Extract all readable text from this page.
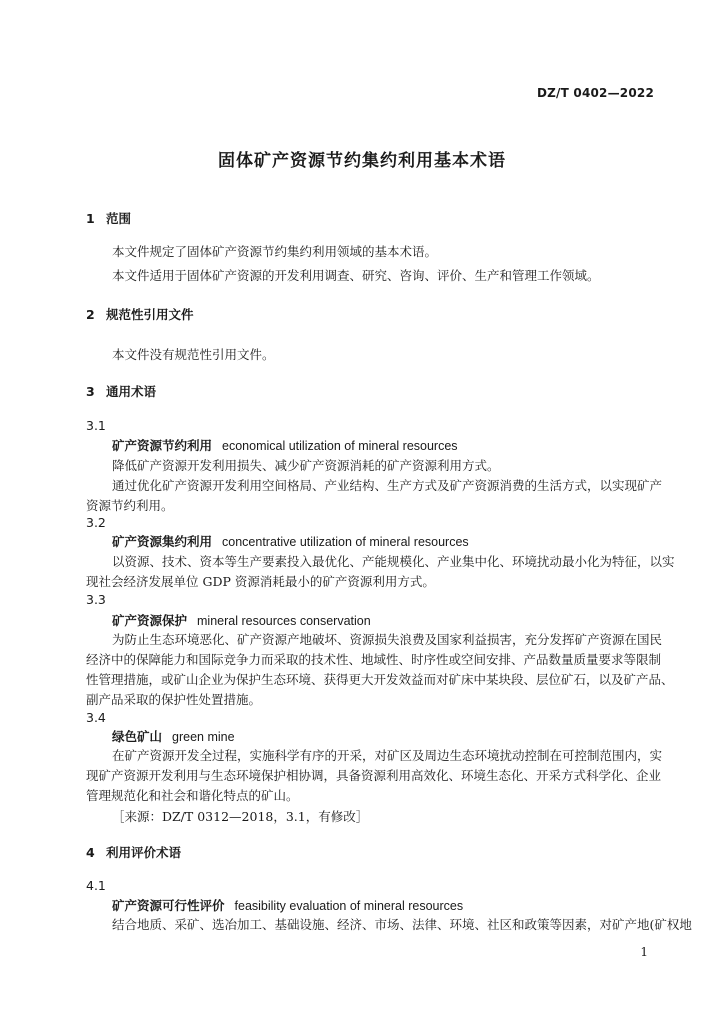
DZ/T 0402—2022
固体矿产资源节约集约利用基本术语
1 范围
本文件规定了固体矿产资源节约集约利用领域的基本术语。
本文件适用于固体矿产资源的开发利用调查、研究、咨询、评价、生产和管理工作领域。
2 规范性引用文件
本文件没有规范性引用文件。
3 通用术语
3.1
矿产资源节约利用 economical utilization of mineral resources
降低矿产资源开发利用损失、减少矿产资源消耗的矿产资源利用方式。
通过优化矿产资源开发利用空间格局、产业结构、生产方式及矿产资源消费的生活方式，以实现矿产
资源节约利用。
3.2
矿产资源集约利用 concentrative utilization of mineral resources
以资源、技术、资本等生产要素投入最优化、产能规模化、产业集中化、环境扰动最小化为特征，以实
现社会经济发展单位 GDP 资源消耗最小的矿产资源利用方式。
3.3
矿产资源保护 mineral resources conservation
为防止生态环境恶化、矿产资源产地破坏、资源损失浪费及国家利益损害，充分发挥矿产资源在国民
经济中的保障能力和国际竞争力而采取的技术性、地域性、时序性或空间安排、产品数量质量要求等限制
性管理措施，或矿山企业为保护生态环境、获得更大开发效益而对矿床中某块段、层位矿石，以及矿产品、
副产品采取的保护性处置措施。
3.4
绿色矿山 green mine
在矿产资源开发全过程，实施科学有序的开采，对矿区及周边生态环境扰动控制在可控制范围内，实
现矿产资源开发利用与生态环境保护相协调，具备资源利用高效化、环境生态化、开采方式科学化、企业
管理规范化和社会和谐化特点的矿山。
［来源：DZ/T 0312—2018，3.1，有修改］
4 利用评价术语
4.1
矿产资源可行性评价 feasibility evaluation of mineral resources
结合地质、采矿、选冶加工、基础设施、经济、市场、法律、环境、社区和政策等因素，对矿产地(矿权地
1
